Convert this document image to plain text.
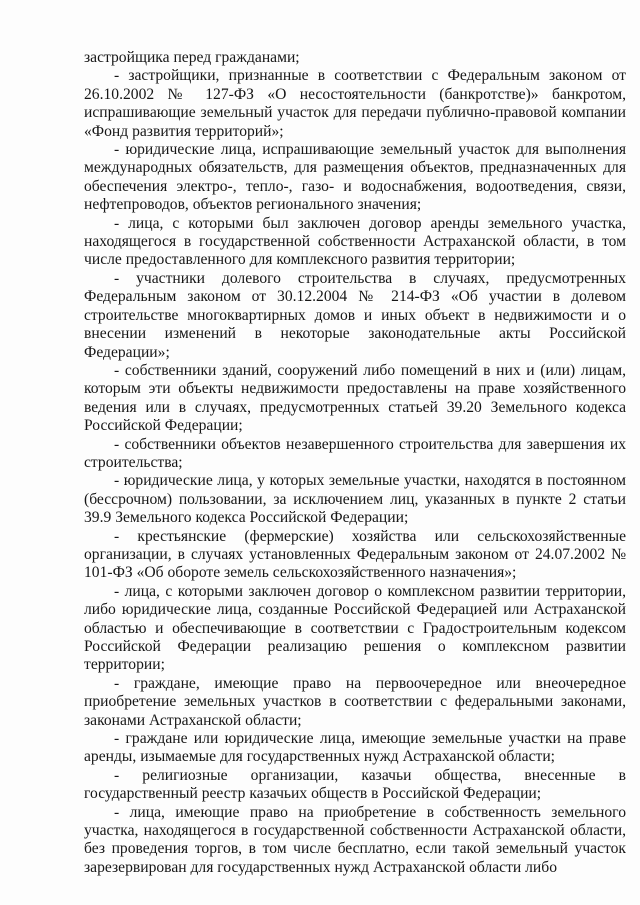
застройщика перед гражданами;

- застройщики, признанные в соответствии с Федеральным законом от 26.10.2002 № 127-ФЗ «О несостоятельности (банкротстве)» банкротом, испрашивающие земельный участок для передачи публично-правовой компании «Фонд развития территорий»;

- юридические лица, испрашивающие земельный участок для выполнения международных обязательств, для размещения объектов, предназначенных для обеспечения электро-, тепло-, газо- и водоснабжения, водоотведения, связи, нефтепроводов, объектов регионального значения;

- лица, с которыми был заключен договор аренды земельного участка, находящегося в государственной собственности Астраханской области, в том числе предоставленного для комплексного развития территории;

- участники долевого строительства в случаях, предусмотренных Федеральным законом от 30.12.2004 № 214-ФЗ «Об участии в долевом строительстве многоквартирных домов и иных объект в недвижимости и о внесении изменений в некоторые законодательные акты Российской Федерации»;

- собственники зданий, сооружений либо помещений в них и (или) лицам, которым эти объекты недвижимости предоставлены на праве хозяйственного ведения или в случаях, предусмотренных статьей 39.20 Земельного кодекса Российской Федерации;

- собственники объектов незавершенного строительства для завершения их строительства;

- юридические лица, у которых земельные участки, находятся в постоянном (бессрочном) пользовании, за исключением лиц, указанных в пункте 2 статьи 39.9 Земельного кодекса Российской Федерации;

- крестьянские (фермерские) хозяйства или сельскохозяйственные организации, в случаях установленных Федеральным законом от 24.07.2002 № 101-ФЗ «Об обороте земель сельскохозяйственного назначения»;

- лица, с которыми заключен договор о комплексном развитии территории, либо юридические лица, созданные Российской Федерацией или Астраханской областью и обеспечивающие в соответствии с Градостроительным кодексом Российской Федерации реализацию решения о комплексном развитии территории;

- граждане, имеющие право на первоочередное или внеочередное приобретение земельных участков в соответствии с федеральными законами, законами Астраханской области;

- граждане или юридические лица, имеющие земельные участки на праве аренды, изымаемые для государственных нужд Астраханской области;

- религиозные организации, казачьи общества, внесенные в государственный реестр казачьих обществ в Российской Федерации;

- лица, имеющие право на приобретение в собственность земельного участка, находящегося в государственной собственности Астраханской области, без проведения торгов, в том числе бесплатно, если такой земельный участок зарезервирован для государственных нужд Астраханской области либо
